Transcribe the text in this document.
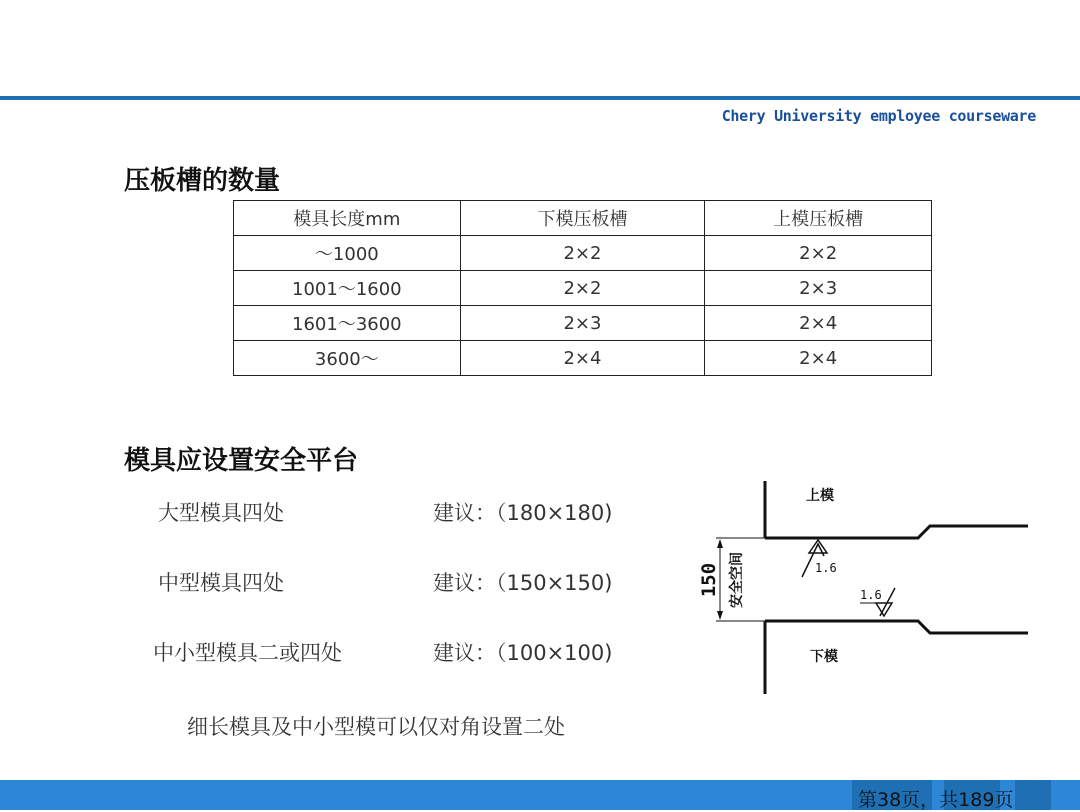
Chery University employee courseware
压板槽的数量
模具长度mm	下模压板槽	上模压板槽
～1000	2×2	2×2
1001～1600	2×2	2×3
1601～3600	2×3	2×4
3600～	2×4	2×4
模具应设置安全平台
大型模具四处	建议：（180×180)
中型模具四处	建议：（150×150)
中小型模具二或四处	建议：（100×100)
细长模具及中小型模可以仅对角设置二处
150 安全空间	1.6
1.6
上模
下模
第38页，共189页
